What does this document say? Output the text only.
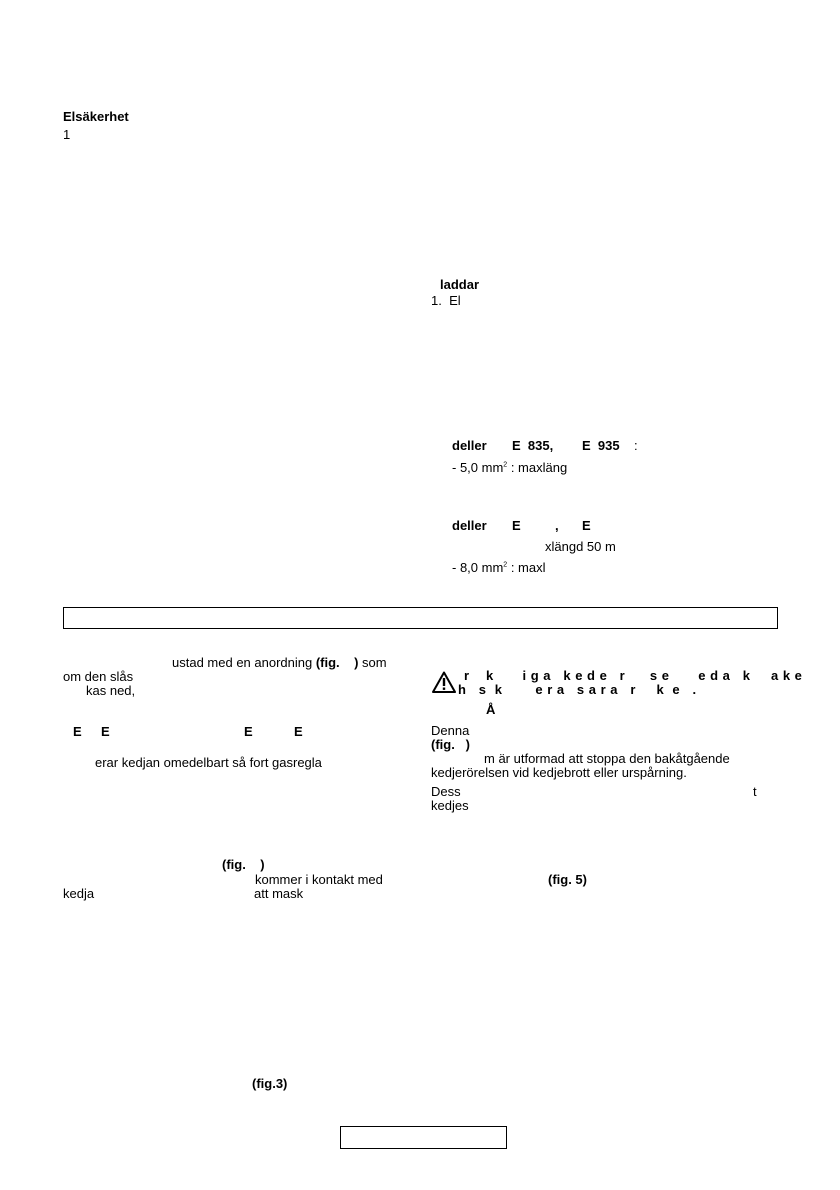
Elsäkerhet
1
laddar
1.  El
deller E  835, E  935 :
- 5,0 $mm^2$ : maxläng
deller E	, E
xlängd 50 m
- 8,0 $mm^2$ : maxl
ustad med en anordning (fig.    ) som
om den slås
kas ned,
E E	E	E
erar kedjan omedelbart så fort gasregla
(fig.    )
kommer i kontakt med
kedja	att mask
(fig.3)
r    k       i g a   k e d e   r      s e       e d a   k     a k e
h   s  k        e r a   s a r a   r     k  e   .
Å
Denna
(fig.   )
m är utformad att stoppa den bakåtgående
kedjerörelsen vid kedjebrott eller urspårning.
Dess	t
kedjes
(fig. 5)
